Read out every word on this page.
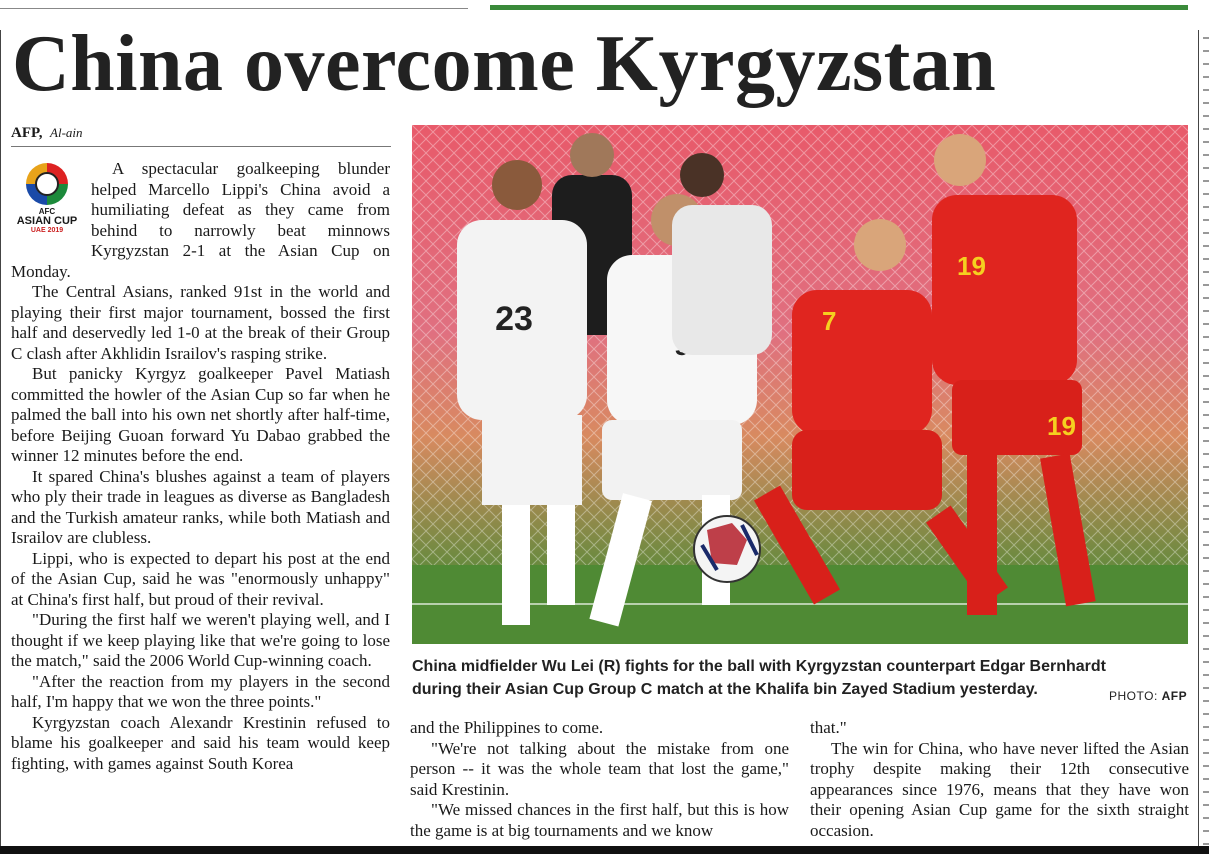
China overcome Kyrgyzstan
AFP, Al-ain
AFC
ASIAN CUP
UAE 2019

A spectacular goalkeeping blunder helped Marcello Lippi's China avoid a humiliating defeat as they came from behind to narrowly beat minnows Kyrgyzstan 2-1 at the Asian Cup on Monday.

The Central Asians, ranked 91st in the world and playing their first major tournament, bossed the first half and deservedly led 1-0 at the break of their Group C clash after Akhlidin Israilov's rasping strike.

But panicky Kyrgyz goalkeeper Pavel Matiash committed the howler of the Asian Cup so far when he palmed the ball into his own net shortly after half-time, before Beijing Guoan forward Yu Dabao grabbed the winner 12 minutes before the end.

It spared China's blushes against a team of players who ply their trade in leagues as diverse as Bangladesh and the Turkish amateur ranks, while both Matiash and Israilov are clubless.

Lippi, who is expected to depart his post at the end of the Asian Cup, said he was "enormously unhappy" at China's first half, but proud of their revival.

"During the first half we weren't playing well, and I thought if we keep playing like that we're going to lose the match," said the 2006 World Cup-winning coach.

"After the reaction from my players in the second half, I'm happy that we won the three points."

Kyrgyzstan coach Alexandr Krestinin refused to blame his goalkeeper and said his team would keep fighting, with games against South Korea

23	7
19
19
China midfielder Wu Lei (R) fights for the ball with Kyrgyzstan counterpart Edgar Bernhardt during their Asian Cup Group C match at the Khalifa bin Zayed Stadium yesterday.	PHOTO: AFP

and the Philippines to come.

"We're not talking about the mistake from one person -- it was the whole team that lost the game," said Krestinin.

"We missed chances in the first half, but this is how the game is at big tournaments and we know

that."

The win for China, who have never lifted the Asian trophy despite making their 12th consecutive appearances since 1976, means that they have won their opening Asian Cup game for the sixth straight occasion.
